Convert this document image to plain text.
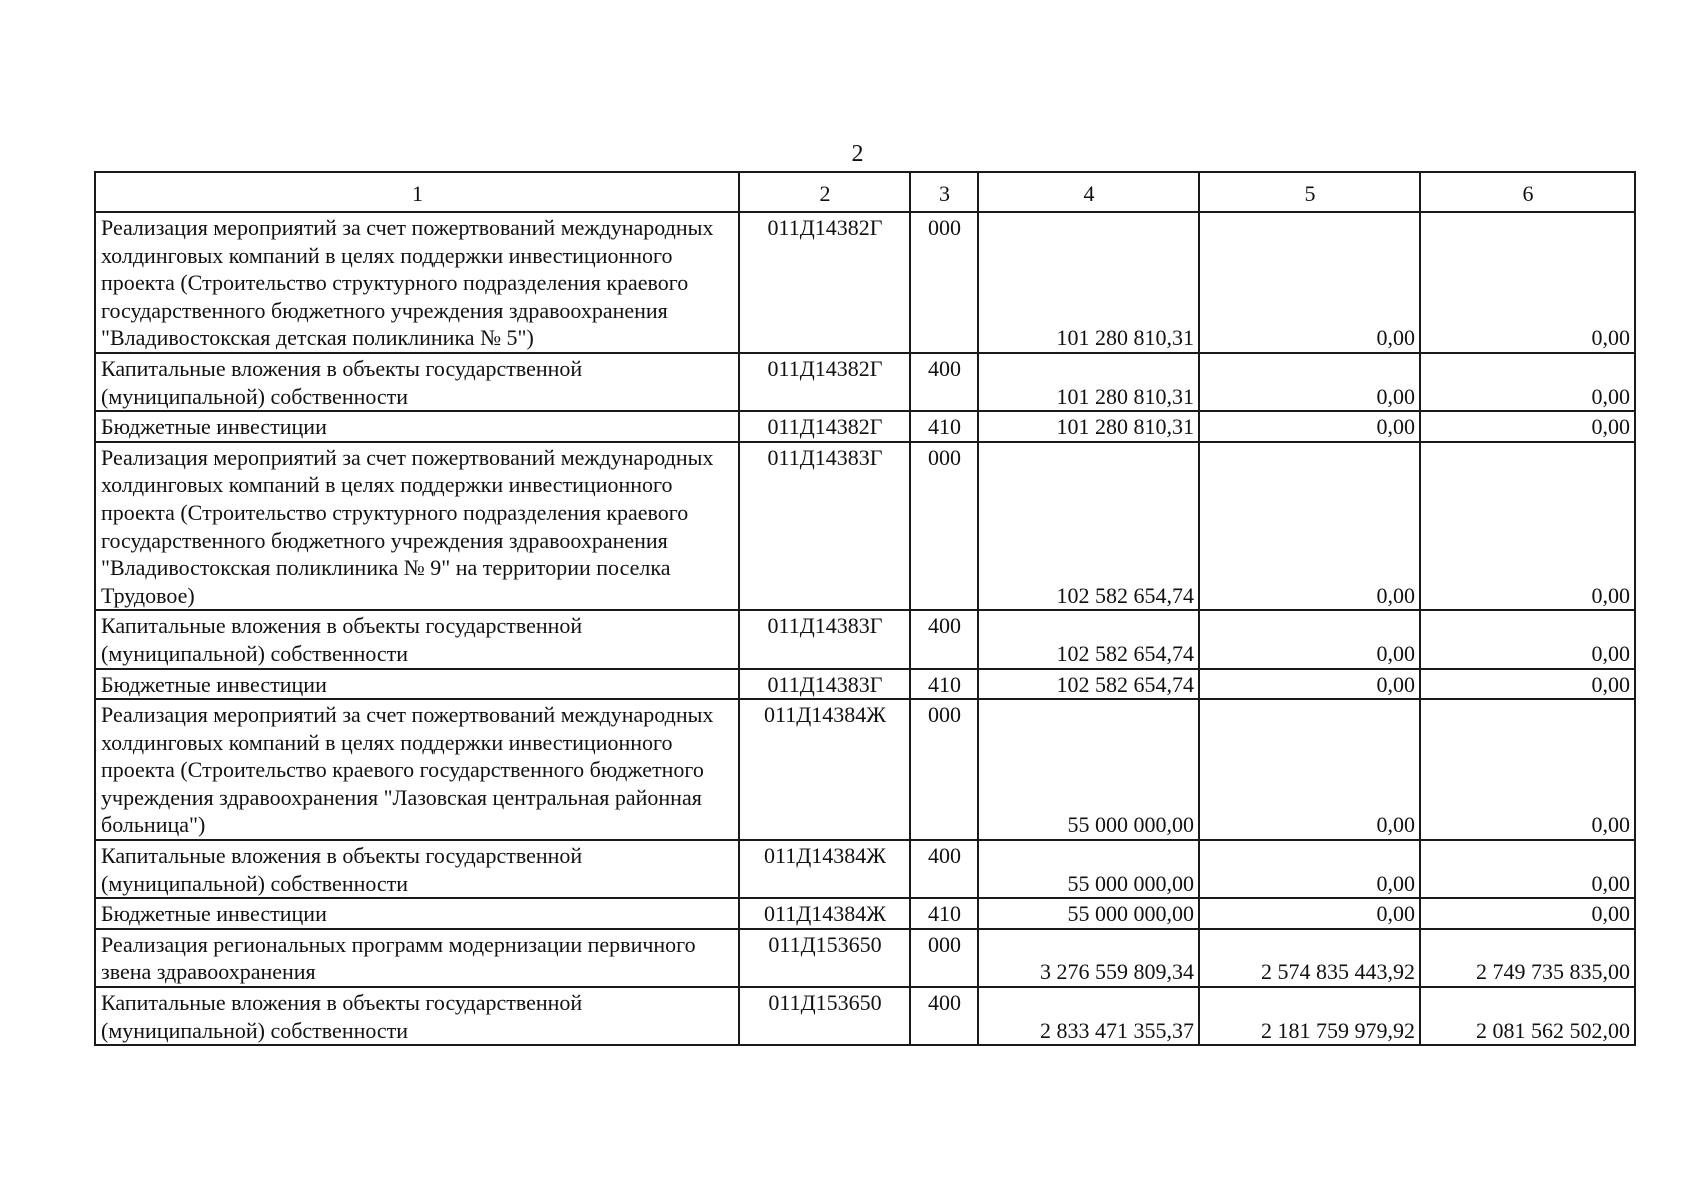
2
1	2	3	4	5	6
Реализация мероприятий за счет пожертвований международных холдинговых компаний в целях поддержки инвестиционного проекта (Строительство структурного подразделения краевого государственного бюджетного учреждения здравоохранения "Владивостокская детская поликлиника № 5")	011Д14382Г	000	101 280 810,31	0,00	0,00
Капитальные вложения в объекты государственной (муниципальной) собственности	011Д14382Г	400	101 280 810,31	0,00	0,00
Бюджетные инвестиции	011Д14382Г	410	101 280 810,31	0,00	0,00
Реализация мероприятий за счет пожертвований международных холдинговых компаний в целях поддержки инвестиционного проекта (Строительство структурного подразделения краевого государственного бюджетного учреждения здравоохранения "Владивостокская поликлиника № 9" на территории поселка Трудовое)	011Д14383Г	000	102 582 654,74	0,00	0,00
Капитальные вложения в объекты государственной (муниципальной) собственности	011Д14383Г	400	102 582 654,74	0,00	0,00
Бюджетные инвестиции	011Д14383Г	410	102 582 654,74	0,00	0,00
Реализация мероприятий за счет пожертвований международных холдинговых компаний в целях поддержки инвестиционного проекта (Строительство краевого государственного бюджетного учреждения здравоохранения "Лазовская центральная районная больница")	011Д14384Ж	000	55 000 000,00	0,00	0,00
Капитальные вложения в объекты государственной (муниципальной) собственности	011Д14384Ж	400	55 000 000,00	0,00	0,00
Бюджетные инвестиции	011Д14384Ж	410	55 000 000,00	0,00	0,00
Реализация региональных программ модернизации первичного звена здравоохранения	011Д153650	000	3 276 559 809,34	2 574 835 443,92	2 749 735 835,00
Капитальные вложения в объекты государственной (муниципальной) собственности	011Д153650	400	2 833 471 355,37	2 181 759 979,92	2 081 562 502,00
